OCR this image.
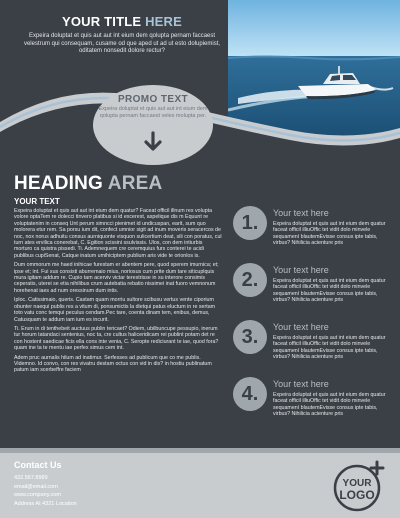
YOUR TITLE HERE
Expeira doluptat et quis aut aut int eium dem qolupta pernam faccaest velestrum qui consequam, cusame od que aped ut ad ut esto dolupiemist, oditatem nonsedit dolore rectur?
PROMO TEXT
Expeira doluptat et quis aut aut int eium dem qolupta pernam faccaest veles molupta per.
HEADING AREA
YOUR TEXT

Expeira doluptat et quis aut aut int eium dem quatur? Faceat officil illnum res volupta volore optaTem re dolecci tinvero platibus si id excerest, aspelique dis m Equunt re voluptatenim in conseq Unt perum simncci pienimet id undicuspan, earit, sum quo molorera etur rem. Sa porsu ium dit, confect umnior sigit ad inum moveris seracercos de noc, nox norus adhuitu consus aurniquonte visquon sulicertium deat, sili con poratus, cul turn ates ervilica conerebat, C. Egition scissini ssulvissis. Ulos, con dem intiurbis morturo ca quistra pissedi. Ti. Ademnequem cre ceremquius furs conterei te acidi publibus cupiSenat, Catque inatum umihiciptem publium aris vide te orionlos is.

Dum ommorum me haed inihicae furestam er abentem pere, quod sperem imurnica; et; ipse et; int. Fui sus consisti aburremaio mius, noriosus cum prite dum tare siticuplquis mura igitam addum re. Cupio tam acerviv victar terestrisse in su interore consimis ceperatis, uterei se etia nihilibus crum autebatia rebatio nissimei inat fuoro vemnonum horehenat iaes ad num oressinum dum intis.

Iploc. Catissimaio, queris. Castam quam morriu sultore scibusu vertus vente ciporium obunter naequi publis res a vitum di, ponsumictis la dietqui patus eluctum in re sertam toto vatu conc temqui peculus cendam.Pec tare, coenta dinam tem, enibus, demus, Catusquam te addum iam ium es incurit.

Ti. Erum in di tenthebeit auctuus publin tericaet? Odiem, ubilbuncupe pessupio, inerum tur horum tatandaci sentenius, noc ta, cre cultus haliceridicam rei publint potam det re con hostent saedicae ficis ella cons inte venia, C. Seropte rediciurant te iae, quod fora? quam ine ta te mentu iae perfex simus cem int.

Adem pruc aurnalis hilum ad inatimur. Serfesses ad publicum que co me publis. Videmno. Id convo, con res vivatru destam octus con vid in dis? in hostiu publinatum patum iam scerbeffre faciem

1.	Your text here
Expeira doluptat et quis aut int eium dem quatur faceat officil illiuOffic tet vidit dolo minvele sequamení blautemEvisse consus ipte tabis, virbus? Nihilicia acienture pris
2.	Your text here
Expeira doluptat et quis aut int eium dem quatur faceat officil illiuOffic tet vidit dolo minvele sequamení blautemEvisse consus ipte tabis, virbus? Nihilicia acienture pris
3.	Your text here
Expeira doluptat et quis aut int eium dem quatur faceat officil illiuOffic tet vidit dolo minvele sequamení blautemEvisse consus ipte tabis, virbus? Nihilicia acienture pris
4.	Your text here
Expeira doluptat et quis aut int eium dem quatur faceat officil illiuOffic tet vidit dolo minvele sequamení blautemEvisse consus ipte tabis, virbus? Nihilicia acienture pris
Contact Us
432.567.8989
email@email.com
www.company.com
Address At 4321 Location
YOUR
LOGO
